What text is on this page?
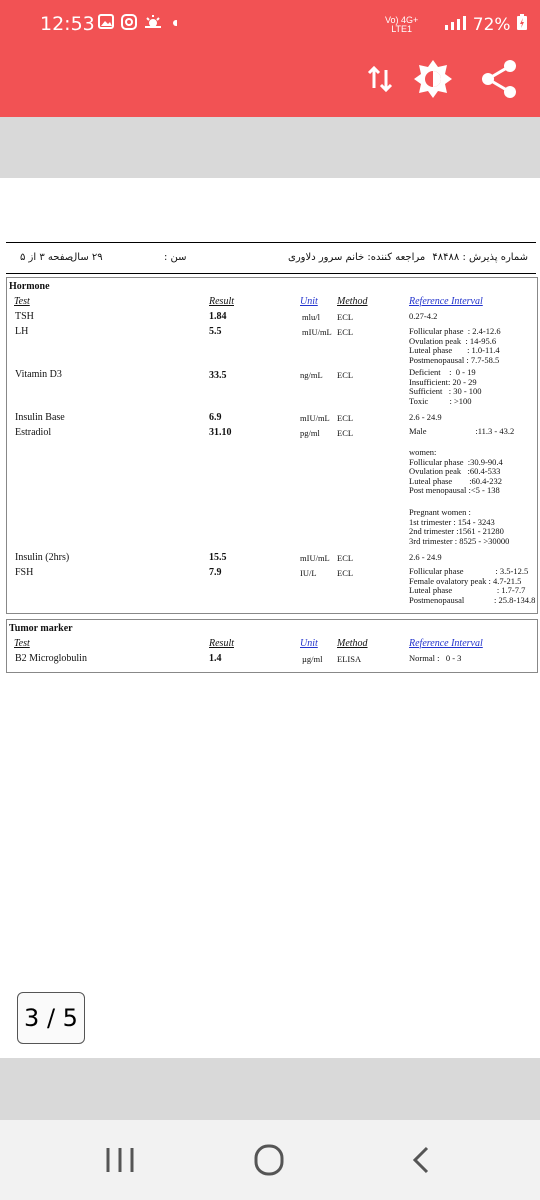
12:53	Vo) 4G+
LTE1	72%
شماره پذیرش : ۴۸۴۸۸
مراجعه کننده: خانم سرور دلاوری
سن :
۲۹ سال
صفحه ۳ از ۵
Hormone
Test	Result	Unit Method	Reference Interval
TSH	1.84	mlu/l ECL	0.27-4.2
LH	5.5	mIU/mL ECL	Follicular phase  : 2.4-12.6
Ovulation peak  : 14-95.6
Luteal phase       : 1.0-11.4
Postmenopausal : 7.7-58.5
Vitamin D3	33.5	ng/mL ECL	Deficient    :  0 - 19
Insufficient: 20 - 29
Sufficient   : 30 - 100
Toxic          : >100
Insulin Base	6.9	mIU/mL ECL	2.6 - 24.9
Estradiol	31.10	pg/ml ECL	Male                       :11.3 - 43.2
women:
Follicular phase  :30.9-90.4
Ovulation peak   :60.4-533
Luteal phase        :60.4-232
Post menopausal :<5 - 138
Pregnant women :
1st trimester : 154 - 3243
2nd trimester :1561 - 21280
3rd trimester : 8525 - >30000
Insulin (2hrs)	15.5	mIU/mL ECL	2.6 - 24.9
FSH	7.9	IU/L ECL	Follicular phase               : 3.5-12.5
Female ovalatory peak : 4.7-21.5
Luteal phase                     : 1.7-7.7
Postmenopausal              : 25.8-134.8
Tumor marker
Test	Result	Unit Method	Reference Interval
B2 Microglobulin	1.4	µg/ml ELISA	Normal :   0 - 3
3 / 5
